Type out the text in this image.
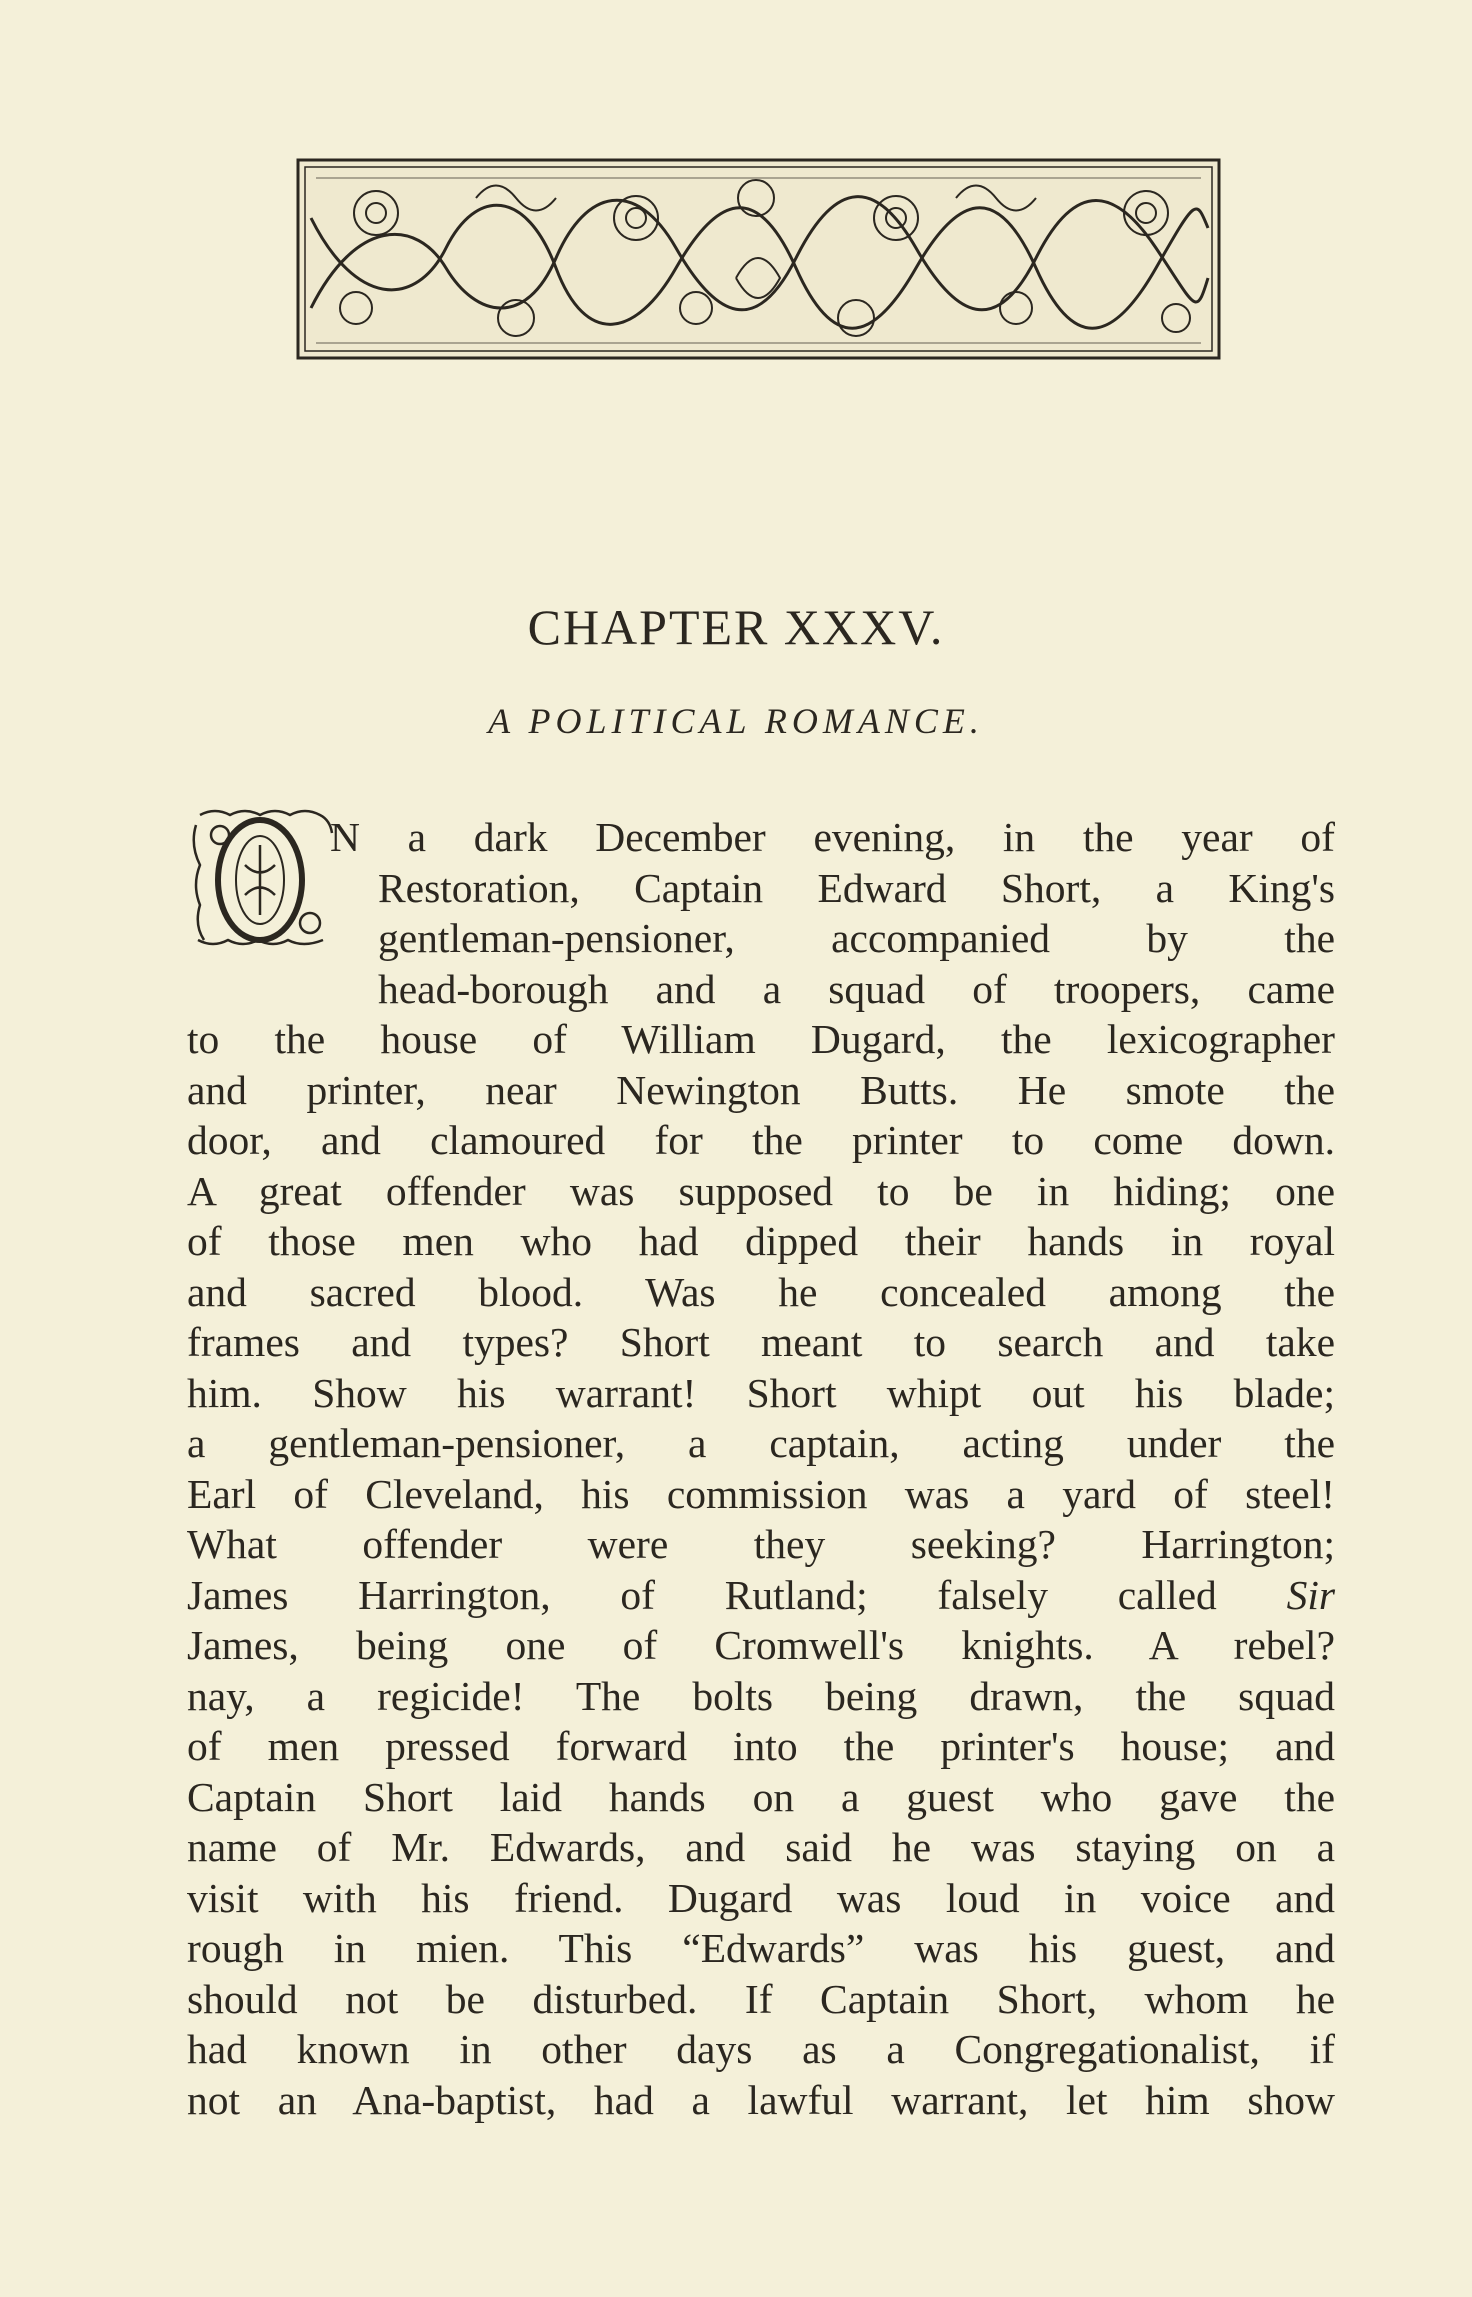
CHAPTER XXXV.
A POLITICAL ROMANCE.
N a dark December evening, in the year of
Restoration, Captain Edward Short, a King's
gentleman-pensioner, accompanied by the
head-borough and a squad of troopers, came
to the house of William Dugard, the lexicographer
and printer, near Newington Butts. He smote the
door, and clamoured for the printer to come down.
A great offender was supposed to be in hiding; one
of those men who had dipped their hands in royal
and sacred blood. Was he concealed among the
frames and types? Short meant to search and take
him. Show his warrant! Short whipt out his blade;
a gentleman-pensioner, a captain, acting under the
Earl of Cleveland, his commission was a yard of steel!
What offender were they seeking? Harrington;
James Harrington, of Rutland; falsely called Sir
James, being one of Cromwell's knights. A rebel?
nay, a regicide! The bolts being drawn, the squad
of men pressed forward into the printer's house; and
Captain Short laid hands on a guest who gave the
name of Mr. Edwards, and said he was staying on a
visit with his friend. Dugard was loud in voice and
rough in mien. This “Edwards” was his guest, and
should not be disturbed. If Captain Short, whom he
had known in other days as a Congregationalist, if
not an Ana-baptist, had a lawful warrant, let him show
